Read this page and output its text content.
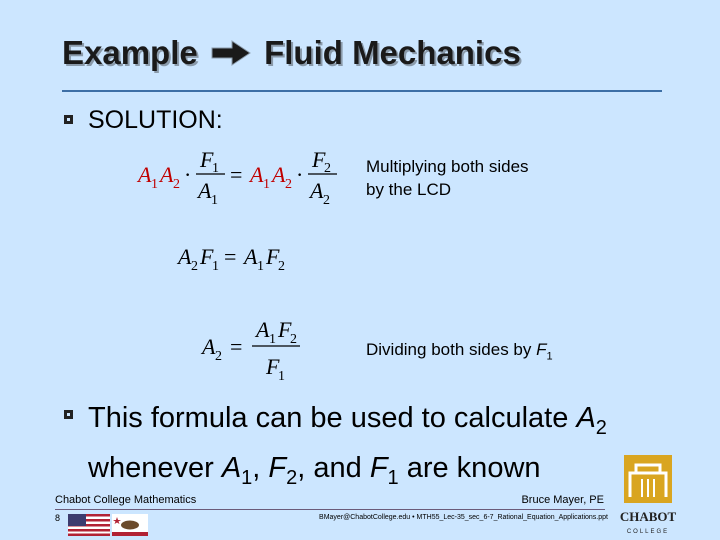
Example Fluid Mechanics
SOLUTION:
A 1 A 2 ·
F
1
A 1
= A 1 A 2 ·
F
2
A 2
Multiplying both sides
by the LCD
A 2 F
1 = A 1 F
2
A 2 =
A 1 F
2
F
1
Dividing both sides by $F_1$
This formula can be used to calculate $A_2$ whenever $A_1$, $F_2$, and $F_1$ are known
Chabot College Mathematics	Bruce Mayer, PE
8	BMayer@ChabotCollege.edu • MTH55_Lec-35_sec_6-7_Rational_Equation_Applications.ppt CHABOT
COLLEGE
